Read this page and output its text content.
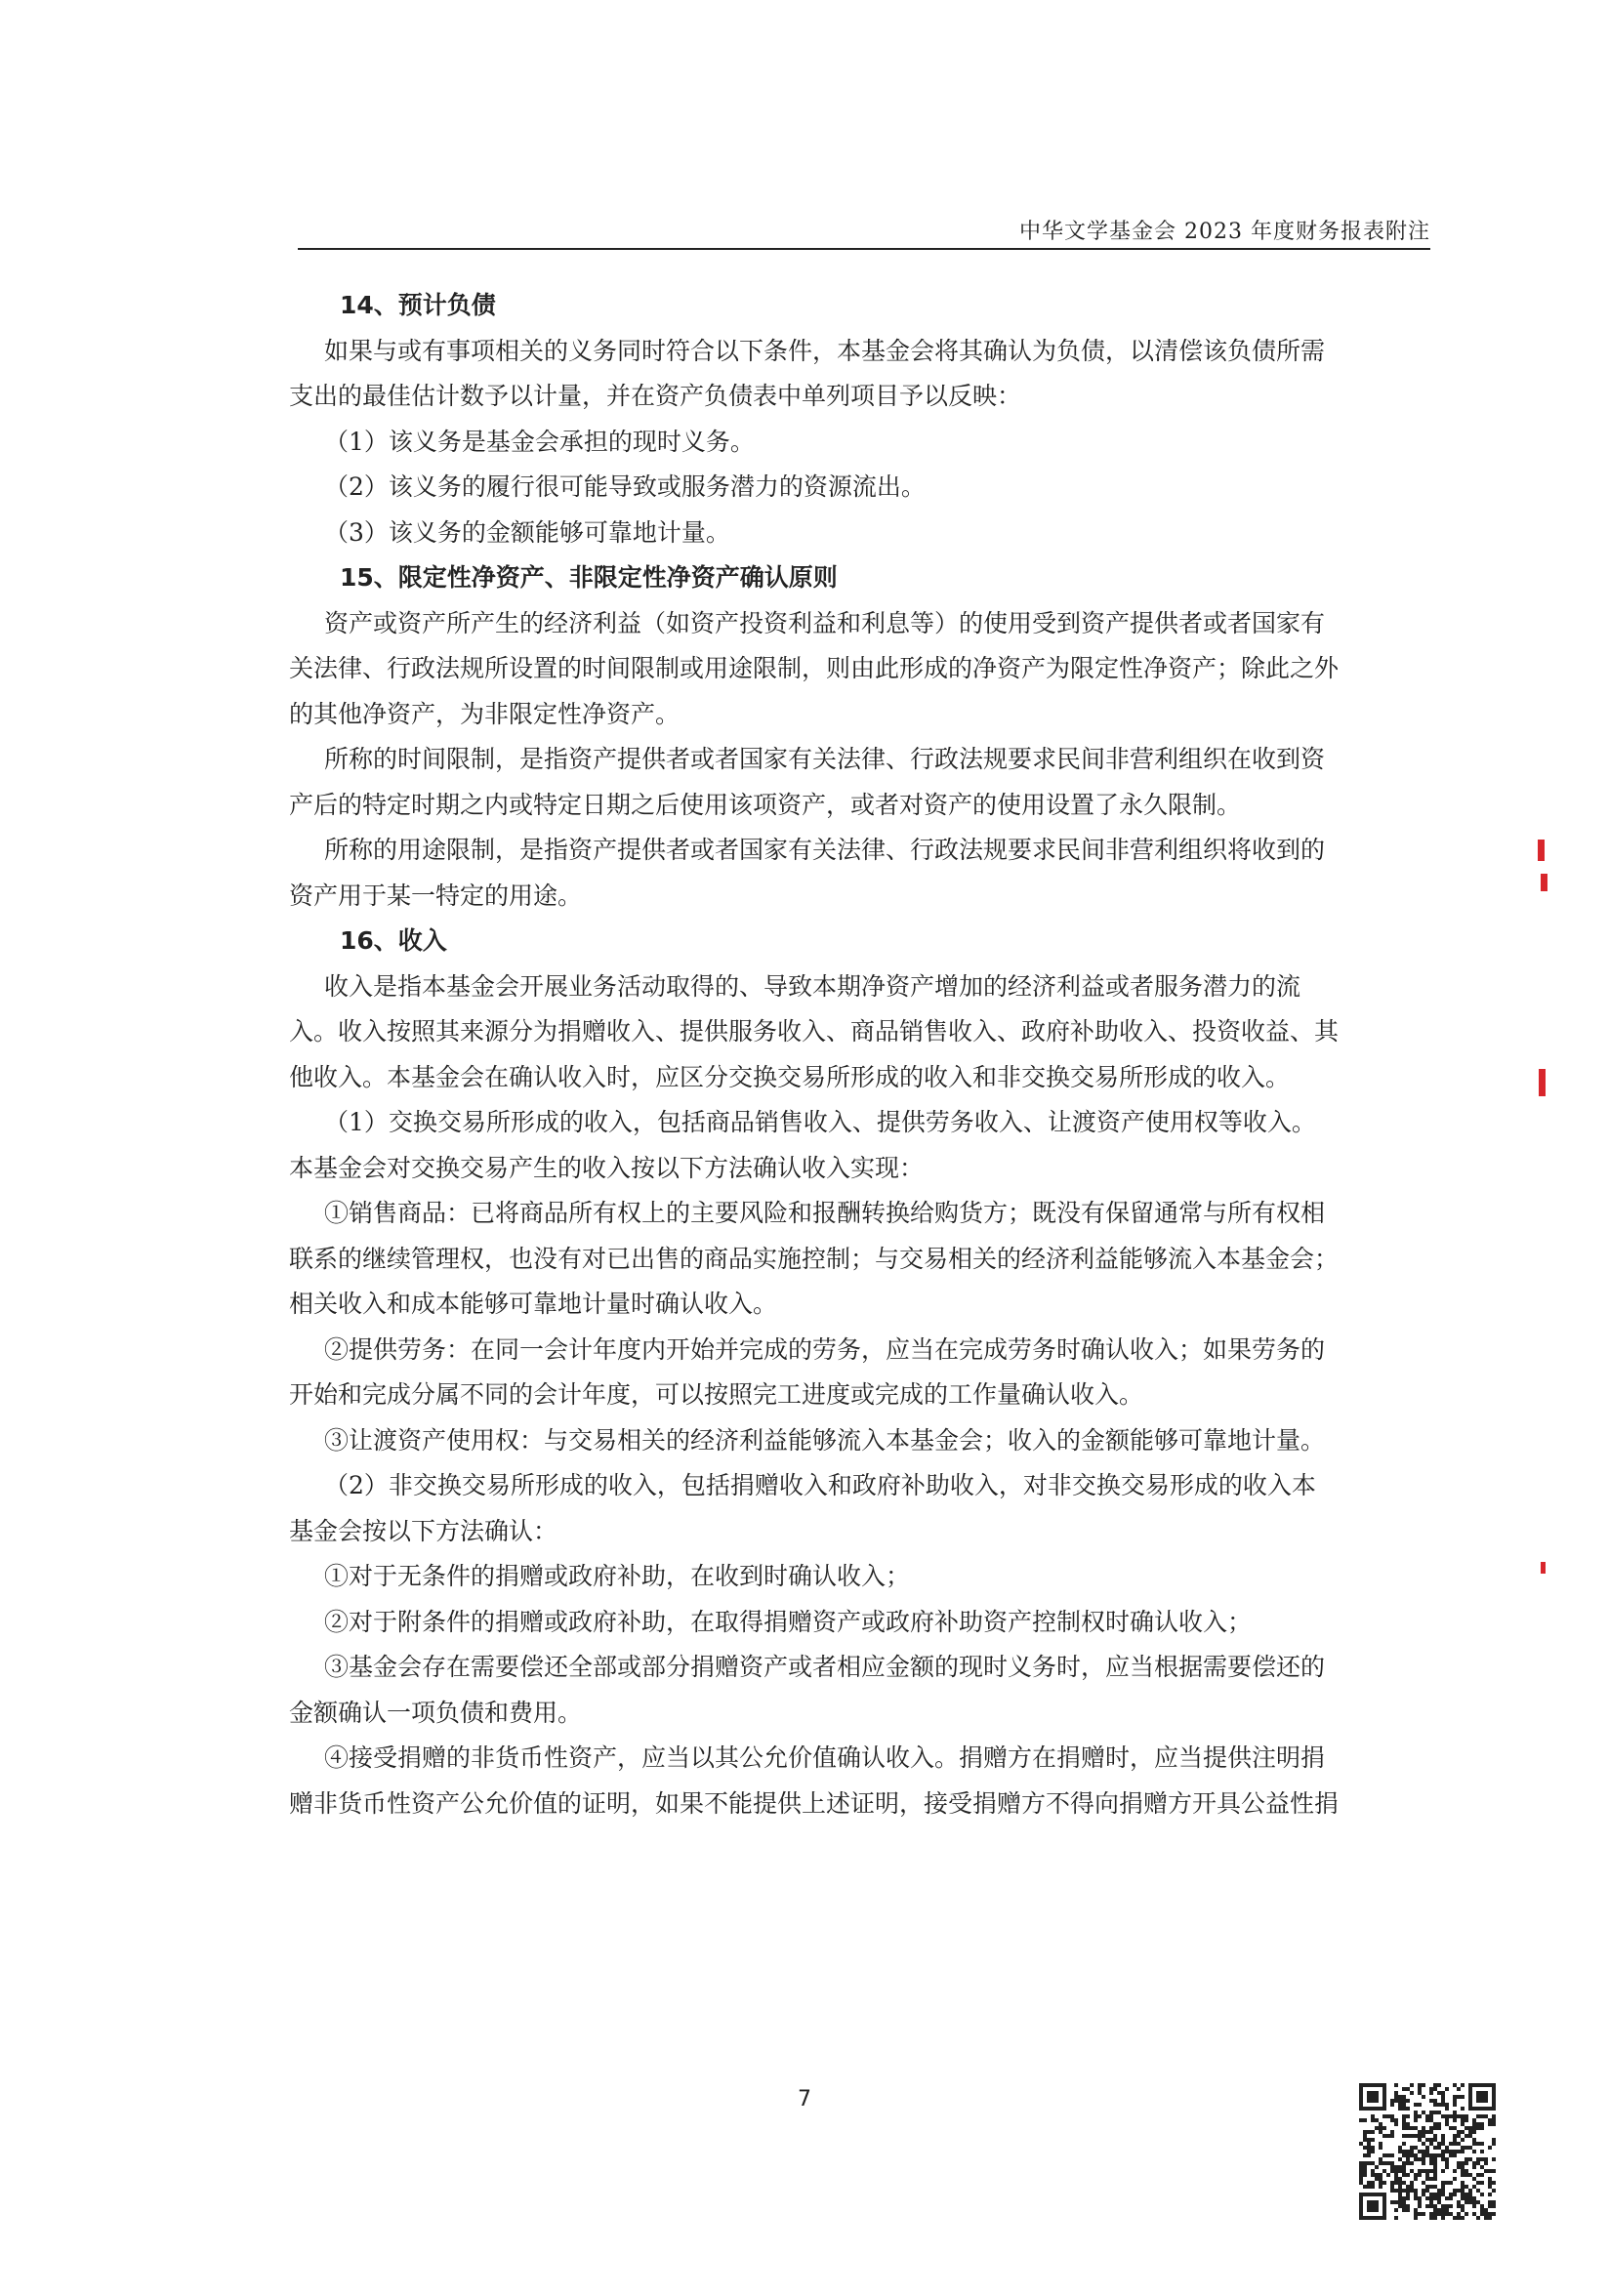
中华文学基金会 2023 年度财务报表附注
14、预计负债
如果与或有事项相关的义务同时符合以下条件，本基金会将其确认为负债，以清偿该负债所需
支出的最佳估计数予以计量，并在资产负债表中单列项目予以反映：
（1）该义务是基金会承担的现时义务。
（2）该义务的履行很可能导致或服务潜力的资源流出。
（3）该义务的金额能够可靠地计量。
15、限定性净资产、非限定性净资产确认原则
资产或资产所产生的经济利益（如资产投资利益和利息等）的使用受到资产提供者或者国家有
关法律、行政法规所设置的时间限制或用途限制，则由此形成的净资产为限定性净资产；除此之外
的其他净资产，为非限定性净资产。
所称的时间限制，是指资产提供者或者国家有关法律、行政法规要求民间非营利组织在收到资
产后的特定时期之内或特定日期之后使用该项资产，或者对资产的使用设置了永久限制。
所称的用途限制，是指资产提供者或者国家有关法律、行政法规要求民间非营利组织将收到的
资产用于某一特定的用途。
16、收入
收入是指本基金会开展业务活动取得的、导致本期净资产增加的经济利益或者服务潜力的流
入。收入按照其来源分为捐赠收入、提供服务收入、商品销售收入、政府补助收入、投资收益、其
他收入。本基金会在确认收入时，应区分交换交易所形成的收入和非交换交易所形成的收入。
（1）交换交易所形成的收入，包括商品销售收入、提供劳务收入、让渡资产使用权等收入。
本基金会对交换交易产生的收入按以下方法确认收入实现：
①销售商品：已将商品所有权上的主要风险和报酬转换给购货方；既没有保留通常与所有权相
联系的继续管理权，也没有对已出售的商品实施控制；与交易相关的经济利益能够流入本基金会；
相关收入和成本能够可靠地计量时确认收入。
②提供劳务：在同一会计年度内开始并完成的劳务，应当在完成劳务时确认收入；如果劳务的
开始和完成分属不同的会计年度，可以按照完工进度或完成的工作量确认收入。
③让渡资产使用权：与交易相关的经济利益能够流入本基金会；收入的金额能够可靠地计量。
（2）非交换交易所形成的收入，包括捐赠收入和政府补助收入，对非交换交易形成的收入本
基金会按以下方法确认：
①对于无条件的捐赠或政府补助，在收到时确认收入；
②对于附条件的捐赠或政府补助，在取得捐赠资产或政府补助资产控制权时确认收入；
③基金会存在需要偿还全部或部分捐赠资产或者相应金额的现时义务时，应当根据需要偿还的
金额确认一项负债和费用。
④接受捐赠的非货币性资产，应当以其公允价值确认收入。捐赠方在捐赠时，应当提供注明捐
赠非货币性资产公允价值的证明，如果不能提供上述证明，接受捐赠方不得向捐赠方开具公益性捐
7
